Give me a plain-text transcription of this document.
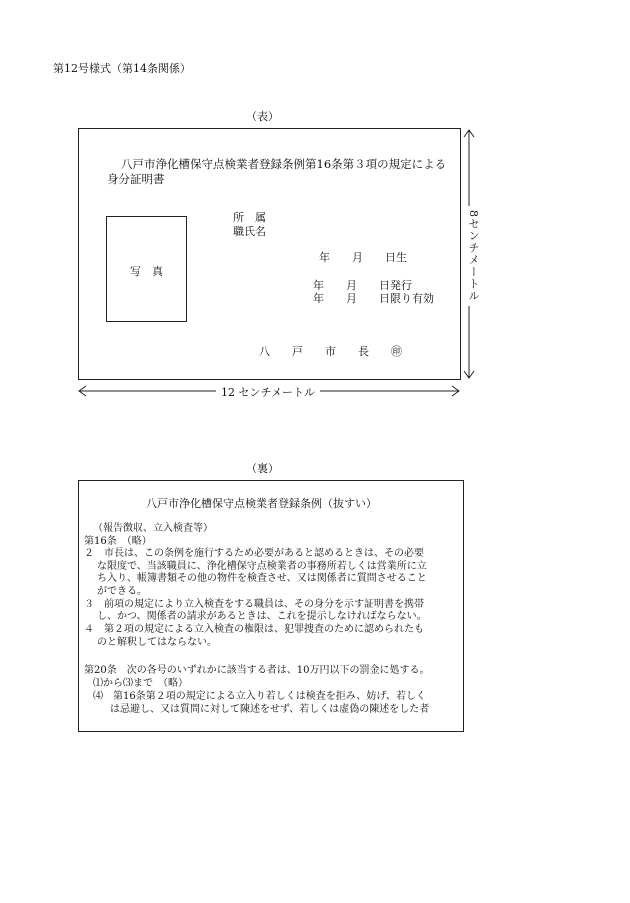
第12号様式（第14条関係）
（表）
八戸市浄化槽保守点検業者登録条例第16条第３項の規定による
身分証明書
写　真
所　属
職氏名
年　　月　　日生
年　　月　　日発行
年　　月　　日限り有効
八　　戸　　市　　長　　㊞
12 センチメートル
8センチメートル
（裏）
八戸市浄化槽保守点検業者登録条例（抜すい）
（報告徴収、立入検査等）
第16条　（略）
２　市長は、この条例を施行するため必要があると認めるときは、その必要
な限度で、当該職員に、浄化槽保守点検業者の事務所若しくは営業所に立
ち入り、帳簿書類その他の物件を検査させ、又は関係者に質問させること
ができる。
３　前項の規定により立入検査をする職員は、その身分を示す証明書を携帯
し、かつ、関係者の請求があるときは、これを提示しなければならない。
４　第２項の規定による立入検査の権限は、犯罪捜査のために認められたも
のと解釈してはならない。
第20条　次の各号のいずれかに該当する者は、10万円以下の罰金に処する。
⑴から⑶まで　（略）
⑷　第16条第２項の規定による立入り若しくは検査を拒み、妨げ、若しく
は忌避し、又は質問に対して陳述をせず、若しくは虚偽の陳述をした者
